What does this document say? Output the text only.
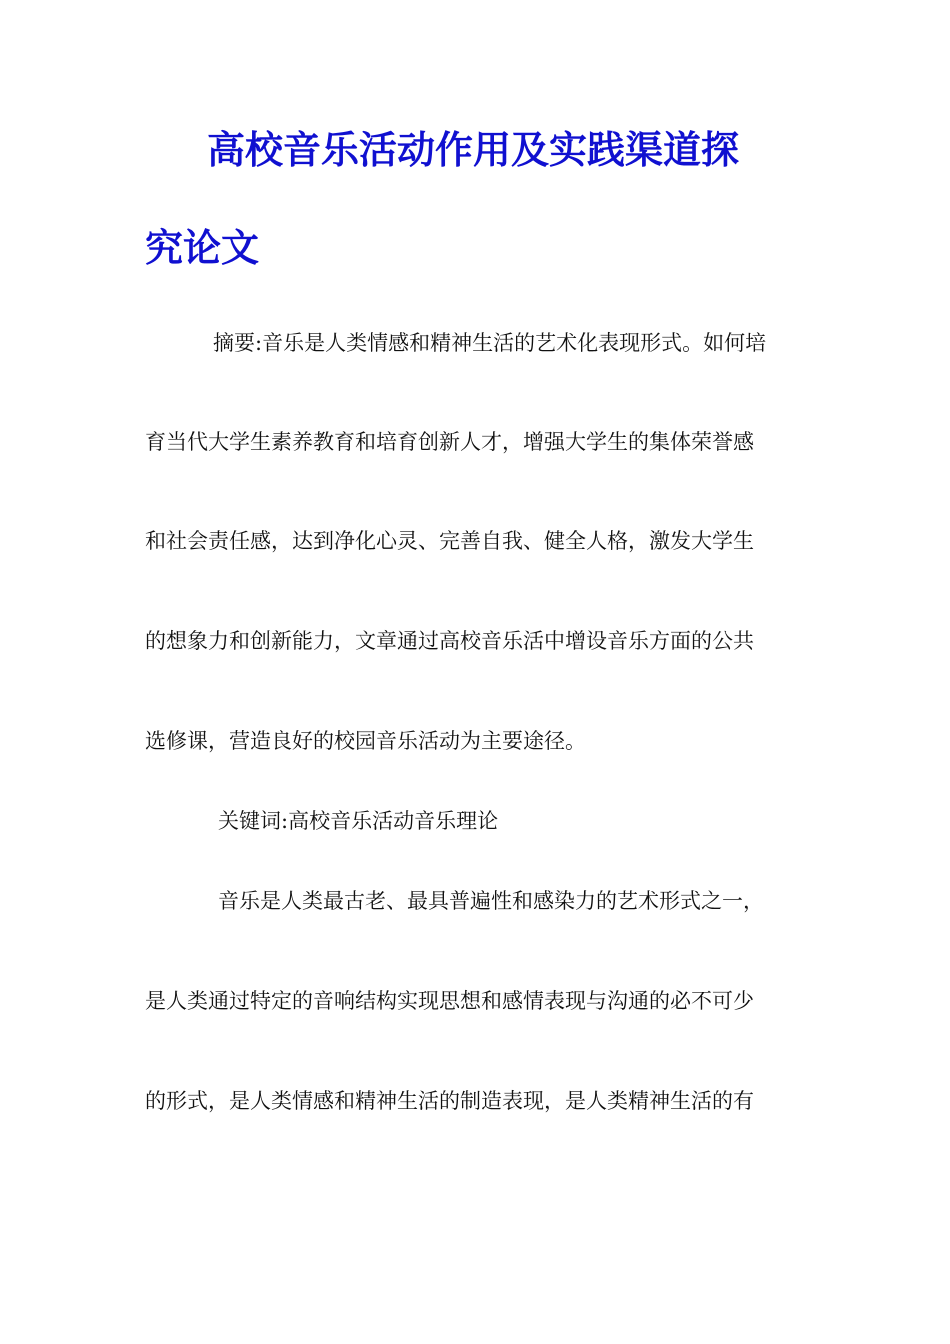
高校音乐活动作用及实践渠道探
究论文

摘要:音乐是人类情感和精神生活的艺术化表现形式。如何培

育当代大学生素养教育和培育创新人才，增强大学生的集体荣誉感

和社会责任感，达到净化心灵、完善自我、健全人格，激发大学生

的想象力和创新能力，文章通过高校音乐活中增设音乐方面的公共

选修课，营造良好的校园音乐活动为主要途径。

关键词:高校音乐活动音乐理论

音乐是人类最古老、最具普遍性和感染力的艺术形式之一，

是人类通过特定的音响结构实现思想和感情表现与沟通的必不可少

的形式，是人类情感和精神生活的制造表现，是人类精神生活的有
